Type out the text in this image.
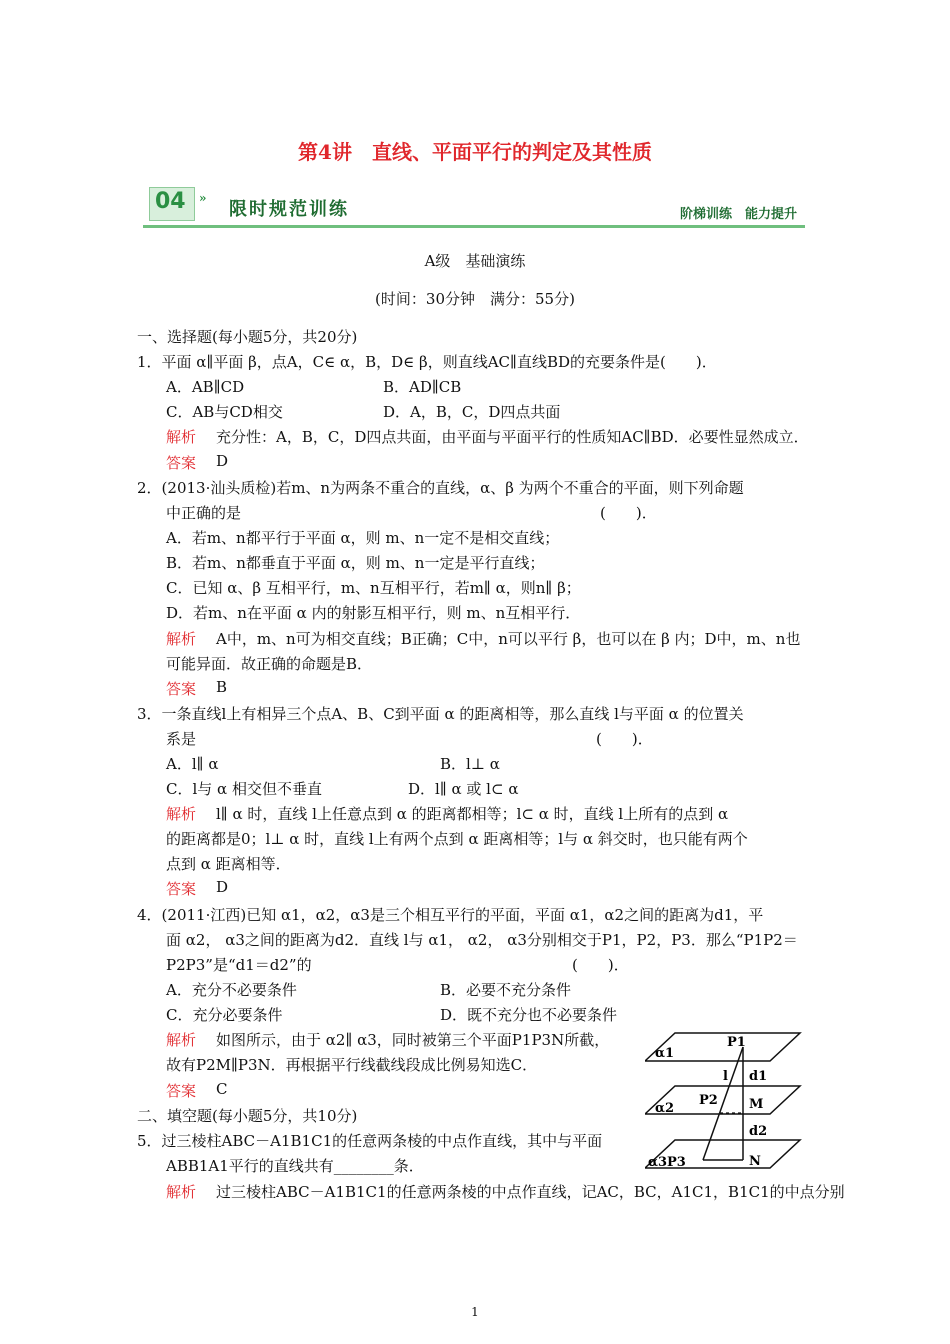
第4讲　直线、平面平行的判定及其性质
04 »
限时规范训练	阶梯训练　能力提升
A级　基础演练
(时间：30分钟　满分：55分)
一、选择题(每小题5分，共20分)
1．平面 α∥平面 β，点A，C∈ α，B，D∈ β，则直线AC∥直线BD的充要条件是(　　)．
A．AB∥CD	B．AD∥CB
C．AB与CD相交	D．A，B，C，D四点共面
解析 充分性：A，B，C，D四点共面，由平面与平面平行的性质知AC∥BD．必要性显然成立．
答案 D
2．(2013·汕头质检)若m、n为两条不重合的直线，α、β 为两个不重合的平面，则下列命题
中正确的是	(　　)．
A．若m、n都平行于平面 α，则 m、n一定不是相交直线；
B．若m、n都垂直于平面 α，则 m、n一定是平行直线；
C．已知 α、β 互相平行，m、n互相平行，若m∥ α，则n∥ β；
D．若m、n在平面 α 内的射影互相平行，则 m、n互相平行．
解析 A中，m、n可为相交直线；B正确；C中，n可以平行 β，也可以在 β 内；D中，m、n也
可能异面．故正确的命题是B．
答案 B
3．一条直线l上有相异三个点A、B、C到平面 α 的距离相等，那么直线 l与平面 α 的位置关
系是	(　　)．
A．l∥ α	B．l⊥ α
C．l与 α 相交但不垂直	D．l∥ α 或 l⊂ α
解析 l∥ α 时，直线 l上任意点到 α 的距离都相等；l⊂ α 时，直线 l上所有的点到 α
的距离都是0；l⊥ α 时，直线 l上有两个点到 α 距离相等；l与 α 斜交时，也只能有两个
点到 α 距离相等．
答案 D
4．(2011·江西)已知 α1，α2，α3是三个相互平行的平面，平面 α1，α2之间的距离为d1，平
面 α2， α3之间的距离为d2．直线 l与 α1， α2， α3分别相交于P1，P2，P3．那么“P1P2＝
P2P3”是“d1＝d2”的	(　　)．
A．充分不必要条件	B．必要不充分条件
C．充分必要条件	D．既不充分也不必要条件
解析 如图所示，由于 α2∥ α3，同时被第三个平面P1P3N所截，
故有P2M∥P3N．再根据平行线截线段成比例易知选C．
答案 C
二、填空题(每小题5分，共10分)
5．过三棱柱ABC－A1B1C1的任意两条棱的中点作直线，其中与平面
ABB1A1平行的直线共有________条．
解析 过三棱柱ABC－A1B1C1的任意两条棱的中点作直线，记AC，BC，A1C1，B1C1的中点分别
P1
α1
l d1
α2
P2 M
d2
α3 P3	N
1
